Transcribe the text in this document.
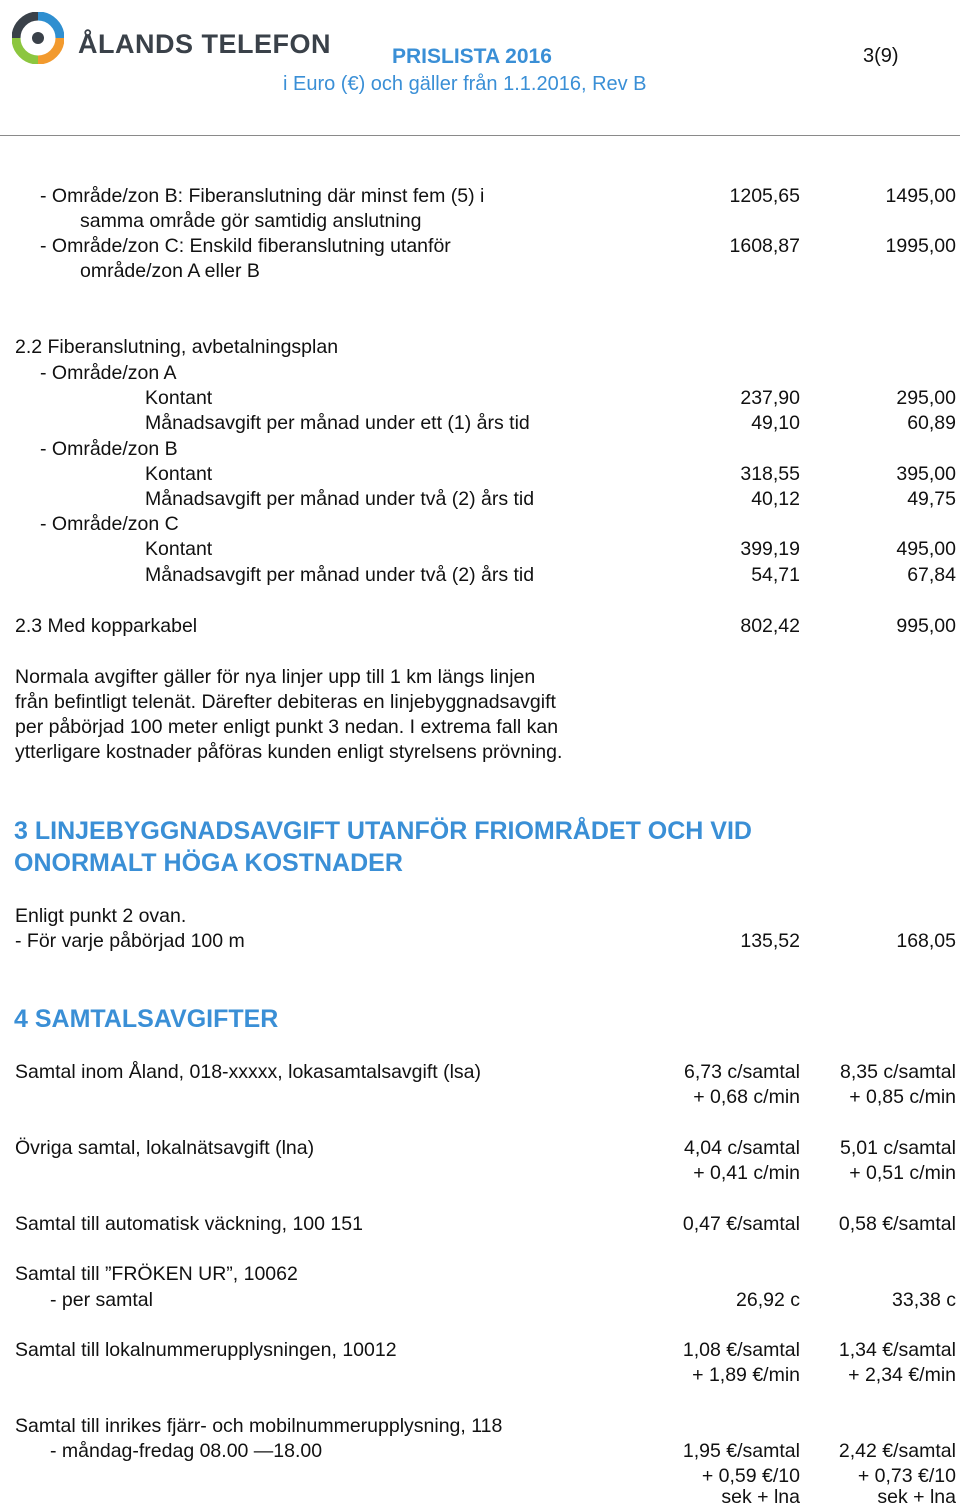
ÅLANDS TELEFON	PRISLISTA 2016	3(9)
i Euro (€) och gäller från 1.1.2016, Rev B
- Område/zon B: Fiberanslutning där minst fem (5) i
samma område gör samtidig anslutning
1205,65	1495,00
- Område/zon C: Enskild fiberanslutning utanför
område/zon A eller B
1608,87	1995,00
2.2 Fiberanslutning, avbetalningsplan
- Område/zon A
Kontant	237,90	295,00
Månadsavgift per månad under ett (1) års tid	49,10	60,89
- Område/zon B
Kontant	318,55	395,00
Månadsavgift per månad under två (2) års tid	40,12	49,75
- Område/zon C
Kontant	399,19	495,00
Månadsavgift per månad under två (2) års tid	54,71	67,84
2.3 Med kopparkabel	802,42	995,00
Normala avgifter gäller för nya linjer upp till 1 km längs linjen
från befintligt telenät. Därefter debiteras en linjebyggnadsavgift
per påbörjad 100 meter enligt punkt 3 nedan. I extrema fall kan
ytterligare kostnader påföras kunden enligt styrelsens prövning.
3 LINJEBYGGNADSAVGIFT UTANFÖR FRIOMRÅDET OCH VID
ONORMALT HÖGA KOSTNADER
Enligt punkt 2 ovan.
- För varje påbörjad 100 m	135,52	168,05
4 SAMTALSAVGIFTER
Samtal inom Åland, 018-xxxxx, lokasamtalsavgift (lsa)	6,73 c/samtal 8,35 c/samtal
+ 0,68 c/min	+ 0,85 c/min
Övriga samtal, lokalnätsavgift (lna)	4,04 c/samtal 5,01 c/samtal
+ 0,41 c/min	+ 0,51 c/min
Samtal till automatisk väckning, 100 151	0,47 €/samtal 0,58 €/samtal
Samtal till ”FRÖKEN UR”, 10062
- per samtal	26,92 c	33,38 c
Samtal till lokalnummerupplysningen, 10012	1,08 €/samtal 1,34 €/samtal
+ 1,89 €/min + 2,34 €/min
Samtal till inrikes fjärr- och mobilnummerupplysning, 118
- måndag-fredag 08.00 —18.00	1,95 €/samtal 2,42 €/samtal
+ 0,59 €/10	+ 0,73 €/10
sek + lna	sek + lna
